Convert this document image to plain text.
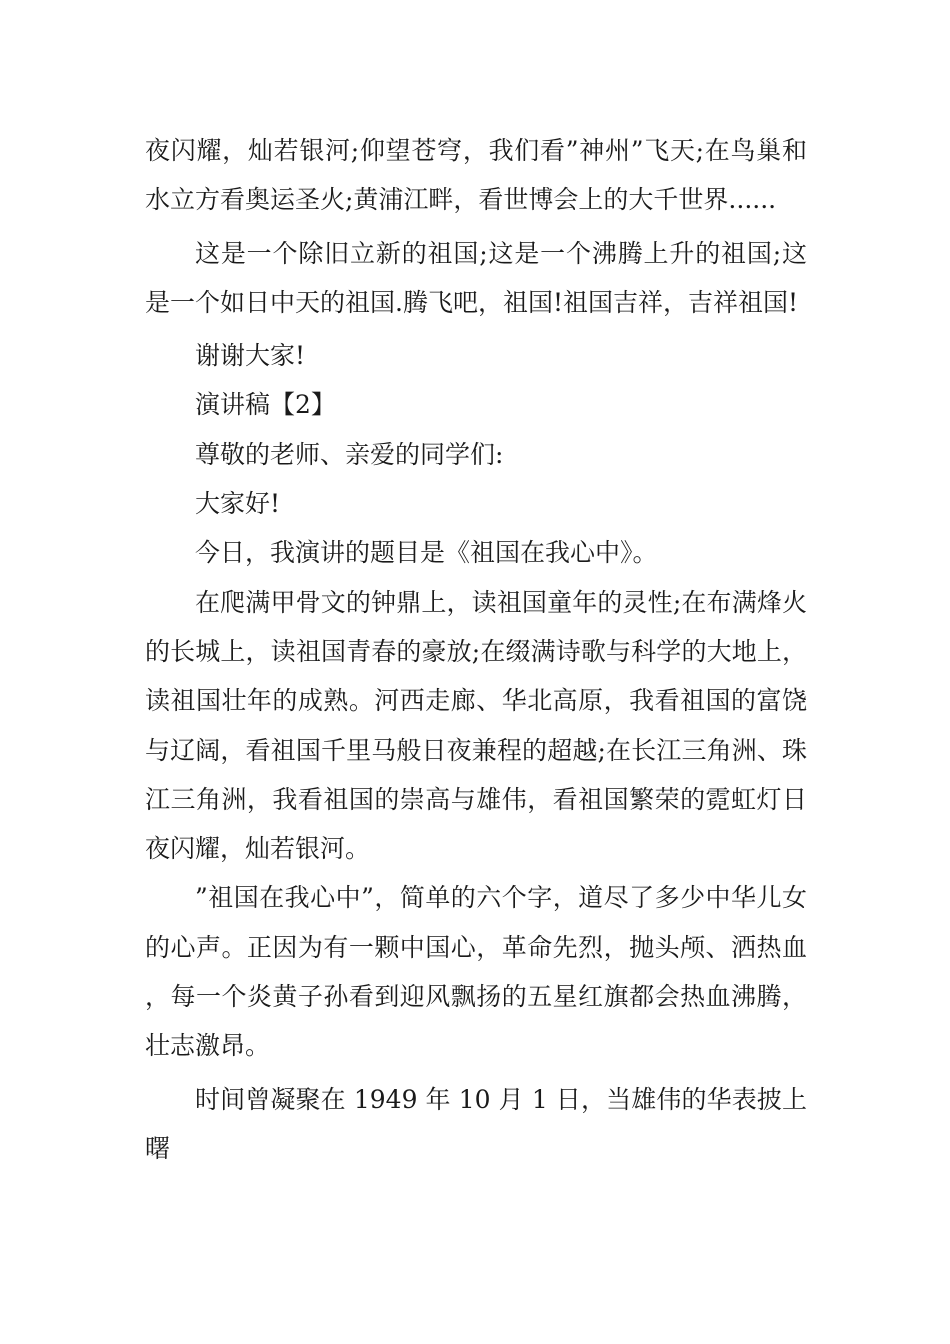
夜闪耀，灿若银河;仰望苍穹，我们看”神州”飞天;在鸟巢和水立方看奥运圣火;黄浦江畔，看世博会上的大千世界......

这是一个除旧立新的祖国;这是一个沸腾上升的祖国;这是一个如日中天的祖国.腾飞吧，祖国!祖国吉祥，吉祥祖国!

谢谢大家!

演讲稿【2】

尊敬的老师、亲爱的同学们:

大家好!

今日，我演讲的题目是《祖国在我心中》。

在爬满甲骨文的钟鼎上，读祖国童年的灵性;在布满烽火的长城上，读祖国青春的豪放;在缀满诗歌与科学的大地上，读祖国壮年的成熟。河西走廊、华北高原，我看祖国的富饶与辽阔，看祖国千里马般日夜兼程的超越;在长江三角洲、珠江三角洲，我看祖国的崇高与雄伟，看祖国繁荣的霓虹灯日夜闪耀，灿若银河。

”祖国在我心中”，简单的六个字，道尽了多少中华儿女的心声。正因为有一颗中国心，革命先烈，抛头颅、洒热血，每一个炎黄子孙看到迎风飘扬的五星红旗都会热血沸腾，壮志激昂。

时间曾凝聚在 1949 年 10 月 1 日，当雄伟的华表披上曙
